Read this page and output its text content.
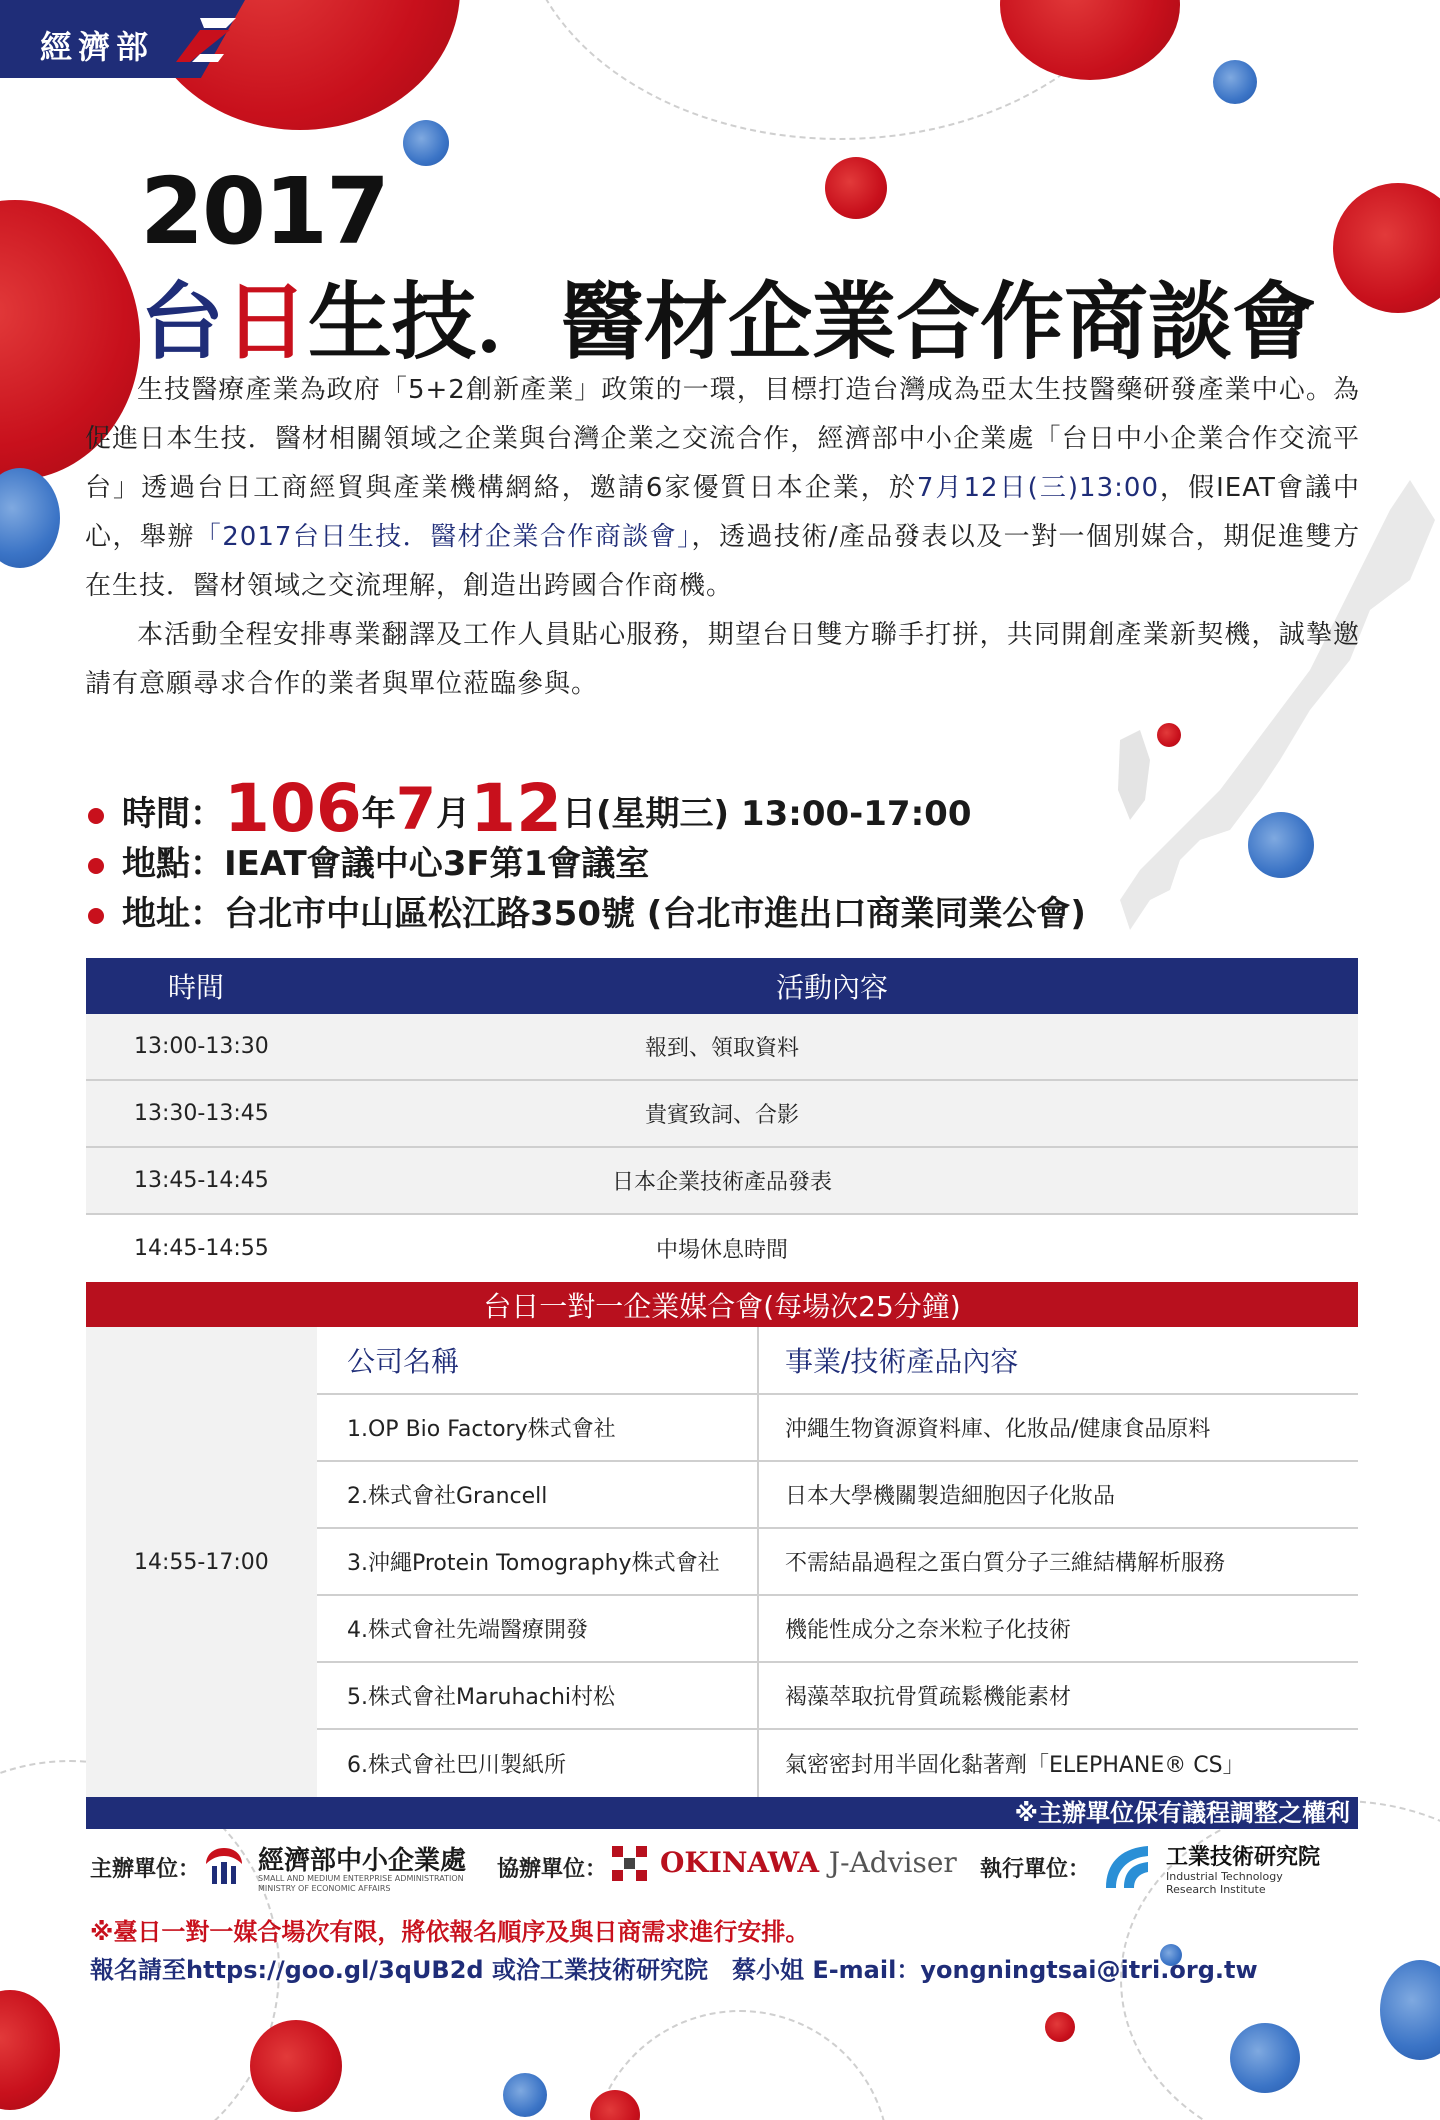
經濟部
2017
台日生技．醫材企業合作商談會

生技醫療產業為政府「5+2創新產業」政策的一環，目標打造台灣成為亞太生技醫藥研發產業中心。為促進日本生技．醫材相關領域之企業與台灣企業之交流合作，經濟部中小企業處「台日中小企業合作交流平台」透過台日工商經貿與產業機構網絡，邀請6家優質日本企業，於7月12日(三)13:00，假IEAT會議中心，舉辦「2017台日生技．醫材企業合作商談會」，透過技術/產品發表以及一對一個別媒合，期促進雙方在生技．醫材領域之交流理解，創造出跨國合作商機。

本活動全程安排專業翻譯及工作人員貼心服務，期望台日雙方聯手打拼，共同開創產業新契機，誠摯邀請有意願尋求合作的業者與單位蒞臨參與。

時間：106年7月12日(星期三) 13:00-17:00
地點：IEAT會議中心3F第1會議室
地址：台北市中山區松江路350號 (台北市進出口商業同業公會)
時間	活動內容
13:00-13:30	報到、領取資料
13:30-13:45	貴賓致詞、合影
13:45-14:45	日本企業技術產品發表
14:45-14:55	中場休息時間
台日一對一企業媒合會(每場次25分鐘)
14:55-17:00
公司名稱	事業/技術產品內容
1.OP Bio Factory株式會社	沖繩生物資源資料庫、化妝品/健康食品原料
2.株式會社Grancell	日本大學機關製造細胞因子化妝品
3.沖繩Protein Tomography株式會社	不需結晶過程之蛋白質分子三維結構解析服務
4.株式會社先端醫療開發	機能性成分之奈米粒子化技術
5.株式會社Maruhachi村松	褐藻萃取抗骨質疏鬆機能素材
6.株式會社巴川製紙所	氣密密封用半固化黏著劑「ELEPHANE® CS」
※主辦單位保有議程調整之權利
主辦單位： 經濟部中小企業處
SMALL AND MEDIUM ENTERPRISE ADMINISTRATION MINISTRY OF ECONOMIC AFFAIRS
協辦單位： OKINAWA J-Adviser 執行單位：	工業技術研究院
Industrial Technology
Research Institute
※臺日一對一媒合場次有限，將依報名順序及與日商需求進行安排。
報名請至https://goo.gl/3qUB2d 或洽工業技術研究院　蔡小姐 E-mail：yongningtsai@itri.org.tw
